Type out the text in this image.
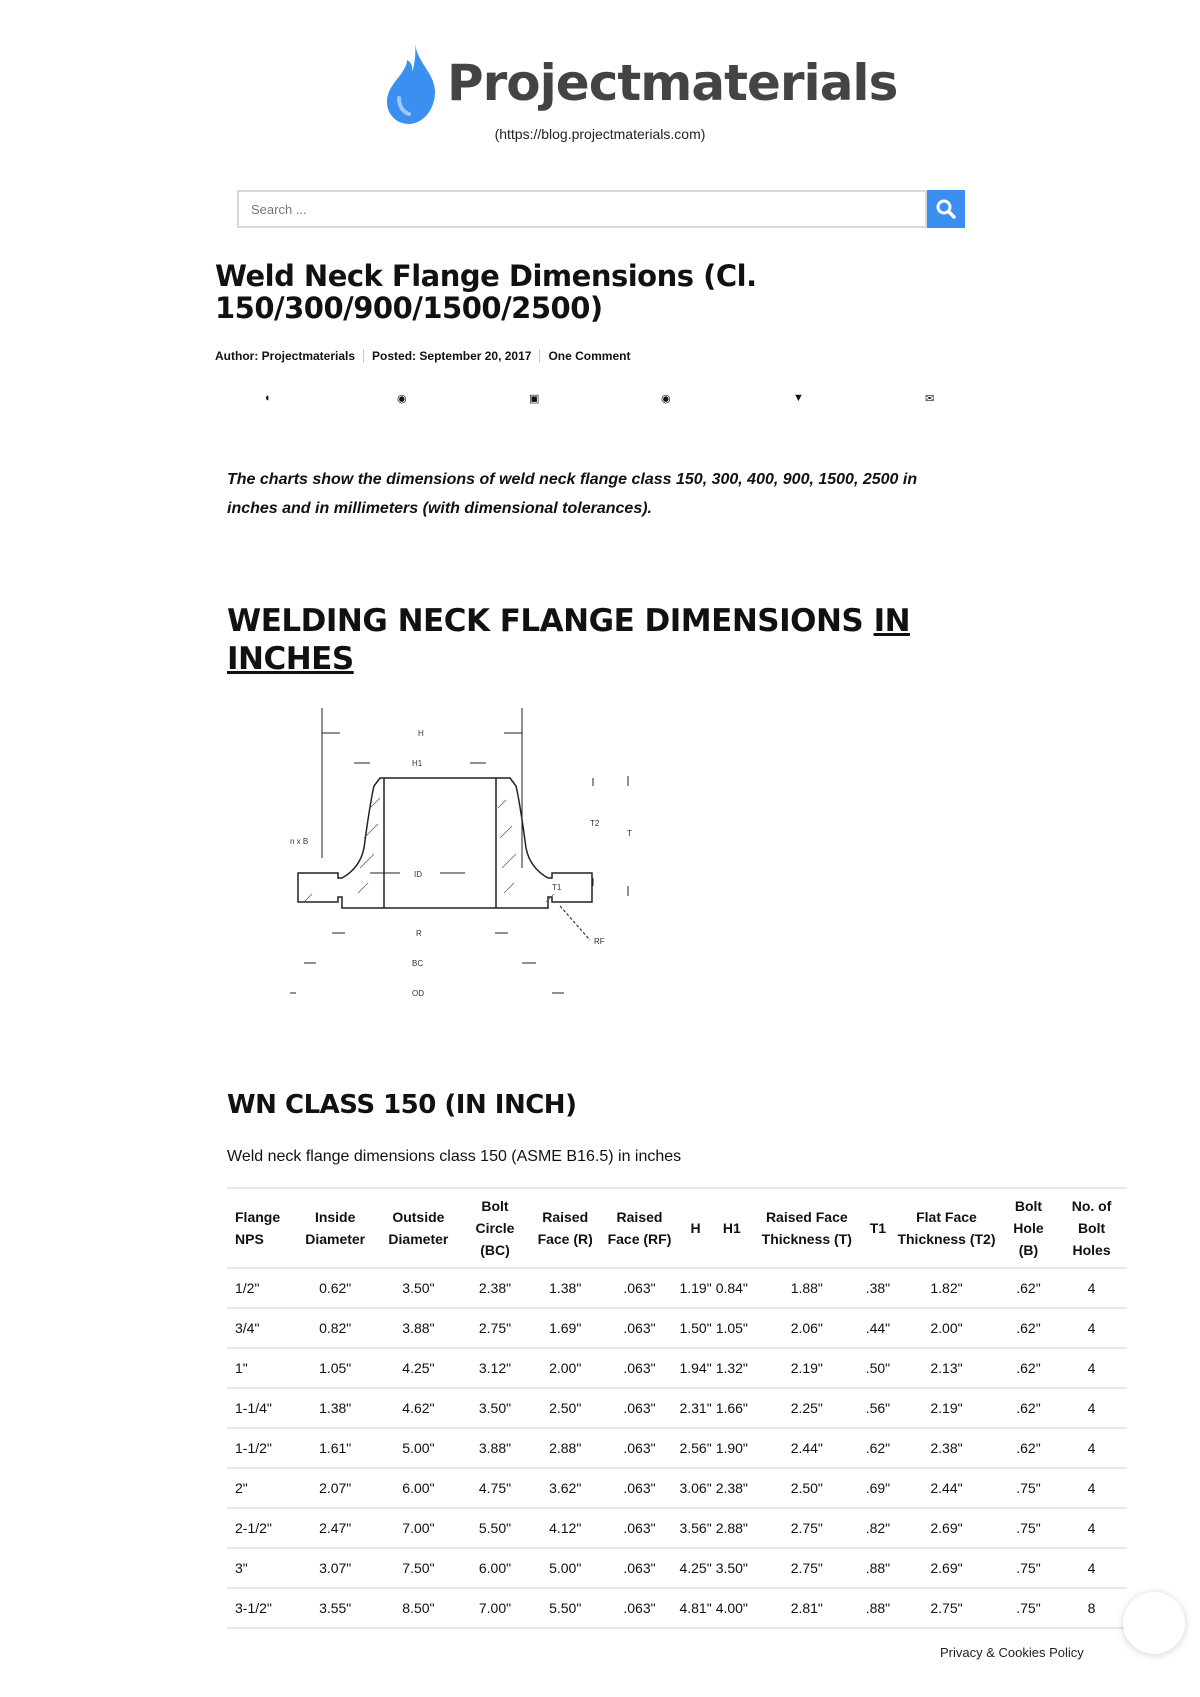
Projectmaterials
(https://blog.projectmaterials.com)
Search ...
Weld Neck Flange Dimensions (Cl. 150/300/900/1500/2500)
Author: Projectmaterials Posted: September 20, 2017 One Comment
◐	◉	▣	◉	▼	✉

The charts show the dimensions of weld neck flange class 150, 300, 400, 900, 1500, 2500 in inches and in millimeters (with dimensional tolerances).

WELDING NECK FLANGE DIMENSIONS IN INCHES
H
H1
T2
T
T1
ID
R
BC
OD
RF
n x B
WN CLASS 150 (IN INCH)

Weld neck flange dimensions class 150 (ASME B16.5) in inches

Flange NPS	Inside Diameter	Outside Diameter	Bolt Circle (BC)	Raised Face (R)	Raised Face (RF)	H	H1	Raised Face Thickness (T)	T1	Flat Face Thickness (T2)	Bolt Hole (B)	No. of Bolt Holes
1/2"	0.62"	3.50"	2.38"	1.38"	.063"	1.19"	0.84"	1.88"	.38"	1.82"	.62"	4
3/4"	0.82"	3.88"	2.75"	1.69"	.063"	1.50"	1.05"	2.06"	.44"	2.00"	.62"	4
1"	1.05"	4.25"	3.12"	2.00"	.063"	1.94"	1.32"	2.19"	.50"	2.13"	.62"	4
1-1/4"	1.38"	4.62"	3.50"	2.50"	.063"	2.31"	1.66"	2.25"	.56"	2.19"	.62"	4
1-1/2"	1.61"	5.00"	3.88"	2.88"	.063"	2.56"	1.90"	2.44"	.62"	2.38"	.62"	4
2"	2.07"	6.00"	4.75"	3.62"	.063"	3.06"	2.38"	2.50"	.69"	2.44"	.75"	4
2-1/2"	2.47"	7.00"	5.50"	4.12"	.063"	3.56"	2.88"	2.75"	.82"	2.69"	.75"	4
3"	3.07"	7.50"	6.00"	5.00"	.063"	4.25"	3.50"	2.75"	.88"	2.69"	.75"	4
3-1/2"	3.55"	8.50"	7.00"	5.50"	.063"	4.81"	4.00"	2.81"	.88"	2.75"	.75"	8
Privacy & Cookies Policy
